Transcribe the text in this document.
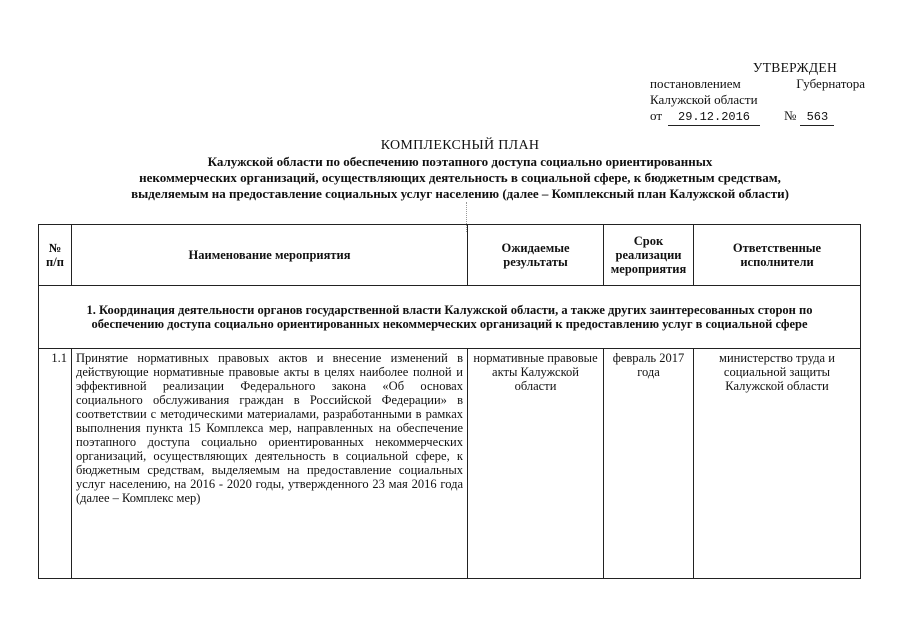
УТВЕРЖДЕН
постановлением	Губернатора
Калужской области
от	29.12.2016	№ 563
КОМПЛЕКСНЫЙ ПЛАН
Калужской области по обеспечению поэтапного доступа социально ориентированных
некоммерческих организаций, осуществляющих деятельность в социальной сфере, к бюджетным средствам,
выделяемым на предоставление социальных услуг населению (далее – Комплексный план Калужской области)
№ п/п	Наименование мероприятия	Ожидаемые результаты	Срок реализации мероприятия	Ответственные исполнители
1. Координация деятельности органов государственной власти Калужской области, а также других заинтересованных сторон по обеспечению доступа социально ориентированных некоммерческих организаций к предоставлению услуг в социальной сфере				
1.1	Принятие нормативных правовых актов и внесение изменений в действующие нормативные правовые акты в целях наиболее полной и эффективной реализации Федерального закона «Об основах социального обслуживания граждан в Российской Федерации» в соответствии с методическими материалами, разработанными в рамках выполнения пункта 15 Комплекса мер, направленных на обеспечение поэтапного доступа социально ориентированных некоммерческих организаций, осуществляющих деятельность в социальной сфере, к бюджетным средствам, выделяемым на предоставление социальных услуг населению, на 2016 - 2020 годы, утвержденного 23 мая 2016 года (далее – Комплекс мер)	нормативные правовые акты Калужской области	февраль 2017 года	министерство труда и социальной защиты Калужской области
